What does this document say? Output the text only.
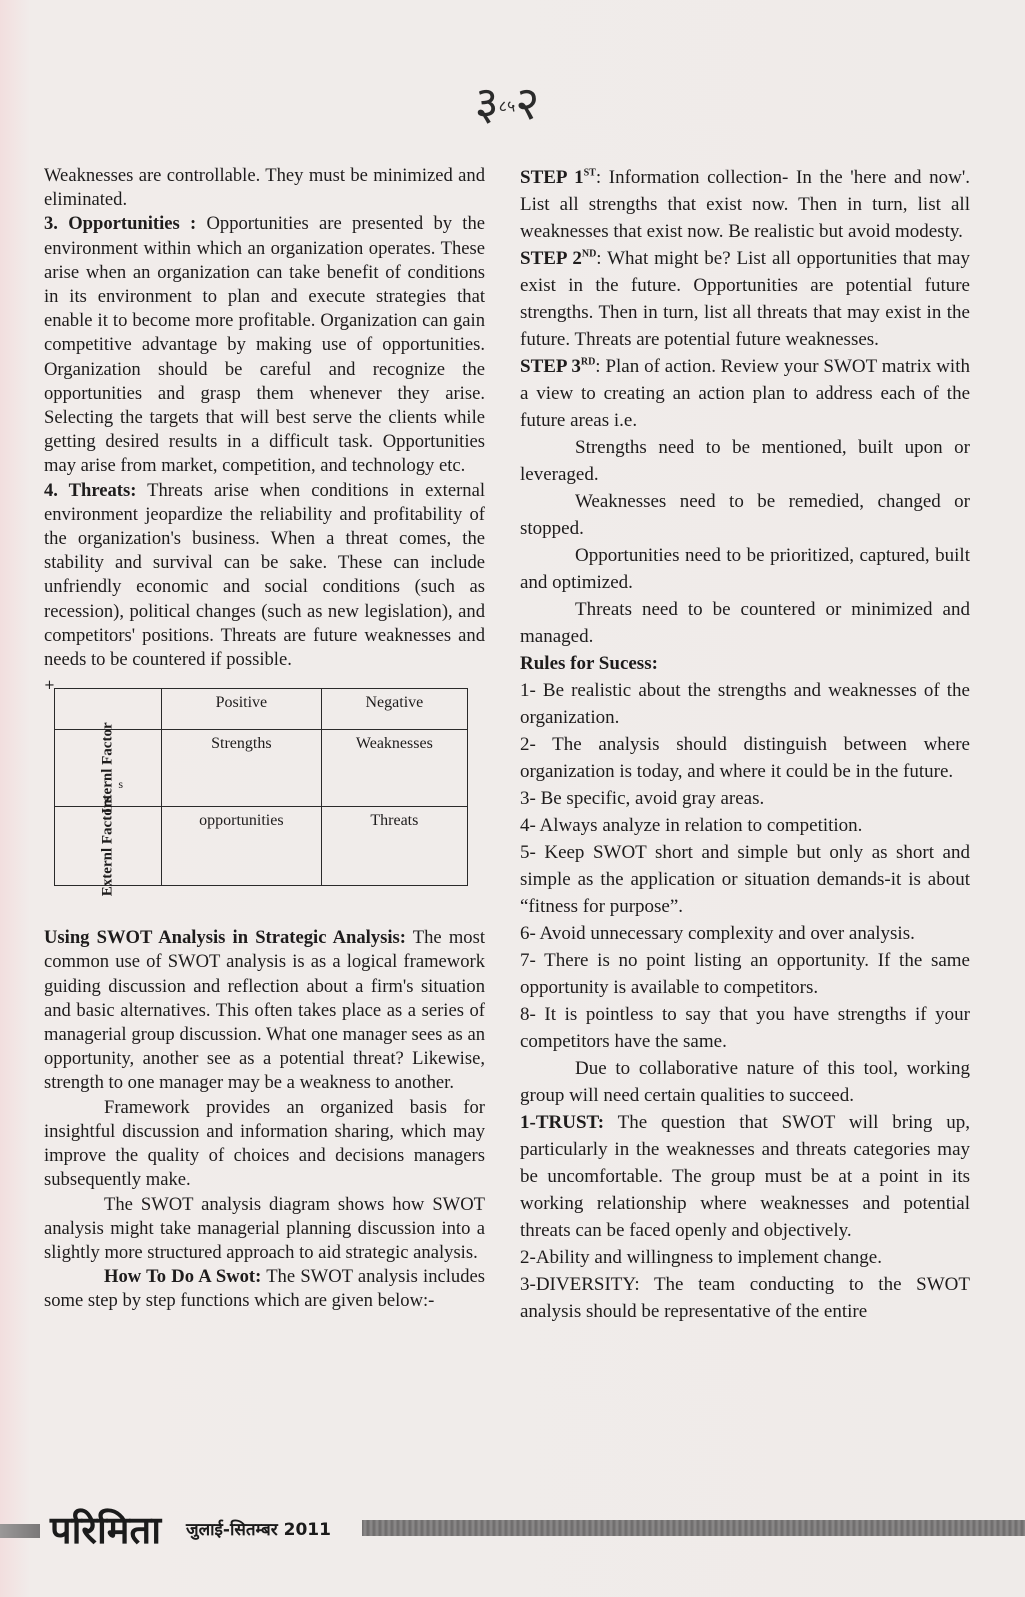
३८५२

Weaknesses are controllable. They must be minimized and eliminated.

3. Opportunities : Opportunities are presented by the environment within which an organization operates. These arise when an organization can take benefit of conditions in its environment to plan and execute strategies that enable it to become more profitable. Organization can gain competitive advantage by making use of opportunities. Organization should be careful and recognize the opportunities and grasp them whenever they arise. Selecting the targets that will best serve the clients while getting desired results in a difficult task. Opportunities may arise from market, competition, and technology etc.

4. Threats: Threats arise when conditions in external environment jeopardize the reliability and profitability of the organization's business. When a threat comes, the stability and survival can be sake. These can include unfriendly economic and social conditions (such as recession), political changes (such as new legislation), and competitors' positions. Threats are future weaknesses and needs to be countered if possible.

+
	Positive	Negative

Internl Factor s	Strengths	Weaknesses

Externl Factors	opportunities	Threats

Using SWOT Analysis in Strategic Analysis: The most common use of SWOT analysis is as a logical framework guiding discussion and reflection about a firm's situation and basic alternatives. This often takes place as a series of managerial group discussion. What one manager sees as an opportunity, another see as a potential threat? Likewise, strength to one manager may be a weakness to another.

Framework provides an organized basis for insightful discussion and information sharing, which may improve the quality of choices and decisions managers subsequently make.

The SWOT analysis diagram shows how SWOT analysis might take managerial planning discussion into a slightly more structured approach to aid strategic analysis.

How To Do A Swot: The SWOT analysis includes some step by step functions which are given below:-

STEP 1ST: Information collection- In the 'here and now'. List all strengths that exist now. Then in turn, list all weaknesses that exist now. Be realistic but avoid modesty.

STEP 2ND: What might be? List all opportunities that may exist in the future. Opportunities are potential future strengths. Then in turn, list all threats that may exist in the future. Threats are potential future weaknesses.

STEP 3RD: Plan of action. Review your SWOT matrix with a view to creating an action plan to address each of the future areas i.e.

Strengths need to be mentioned, built upon or leveraged.

Weaknesses need to be remedied, changed or stopped.

Opportunities need to be prioritized, captured, built and optimized.

Threats need to be countered or minimized and managed.

Rules for Sucess:

1- Be realistic about the strengths and weaknesses of the organization.

2- The analysis should distinguish between where organization is today, and where it could be in the future.

3- Be specific, avoid gray areas.

4- Always analyze in relation to competition.

5- Keep SWOT short and simple but only as short and simple as the application or situation demands-it is about “fitness for purpose”.

6- Avoid unnecessary complexity and over analysis.

7- There is no point listing an opportunity. If the same opportunity is available to competitors.

8- It is pointless to say that you have strengths if your competitors have the same.

Due to collaborative nature of this tool, working group will need certain qualities to succeed.

1-TRUST: The question that SWOT will bring up, particularly in the weaknesses and threats categories may be uncomfortable. The group must be at a point in its working relationship where weaknesses and potential threats can be faced openly and objectively.

2-Ability and willingness to implement change.

3-DIVERSITY: The team conducting to the SWOT analysis should be representative of the entire

परिमिता जुलाई-सितम्बर 2011
